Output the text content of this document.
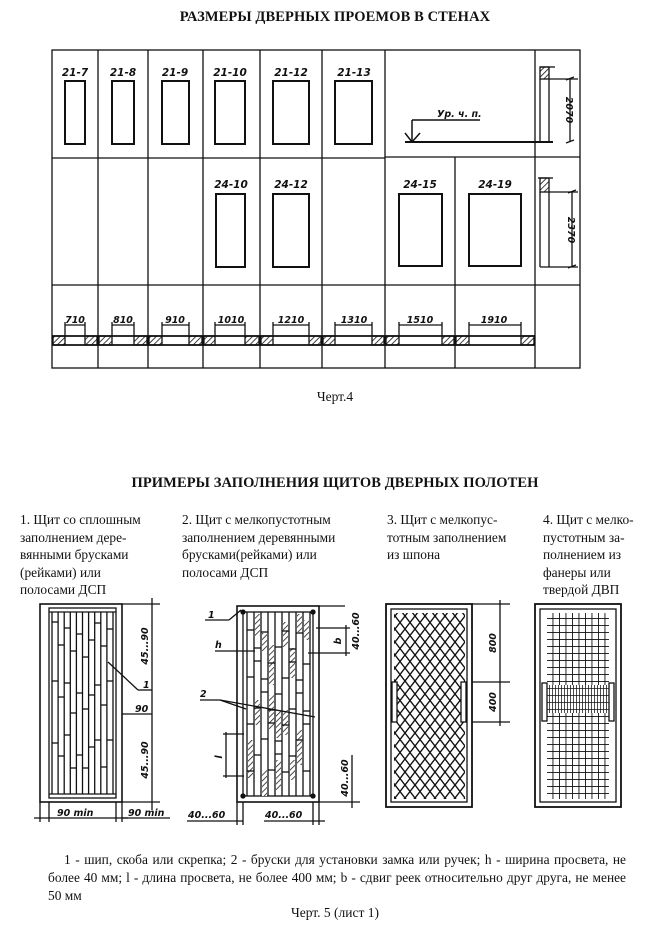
РАЗМЕРЫ ДВЕРНЫХ ПРОЕМОВ В СТЕНАХ
21-7 21-8 21-9 21-10	21-12	21-13
Ур. ч. п.	2070
24-10	24-12	24-15	24-19
2370
710	810	910	1010	1210	1310	1510	1910
Черт.4
ПРИМЕРЫ ЗАПОЛНЕНИЯ ЩИТОВ ДВЕРНЫХ ПОЛОТЕН
1. Щит со сплошным
заполнением дере-
вянными брусками
(рейками) или
полосами ДСП
2. Щит с мелкопустотным
заполнением деревянными
брусками(рейками) или
полосами ДСП
3. Щит с мелкопус-
тотным заполнением
из шпона
4. Щит с мелко-
пустотным за-
полнением из
фанеры или
твердой ДВП
45...90
90
45...90
1
90 min	90 min
1
h
2
b 40...60
l
40...60
40...60	40...60
800
400
1 - шип, скоба или скрепка; 2 - бруски для установки замка или ручек; h - ширина просвета, не более 40 мм; l - длина просвета, не более 400 мм; b - сдвиг реек относительно друг друга, не менее 50 мм
Черт. 5 (лист 1)
